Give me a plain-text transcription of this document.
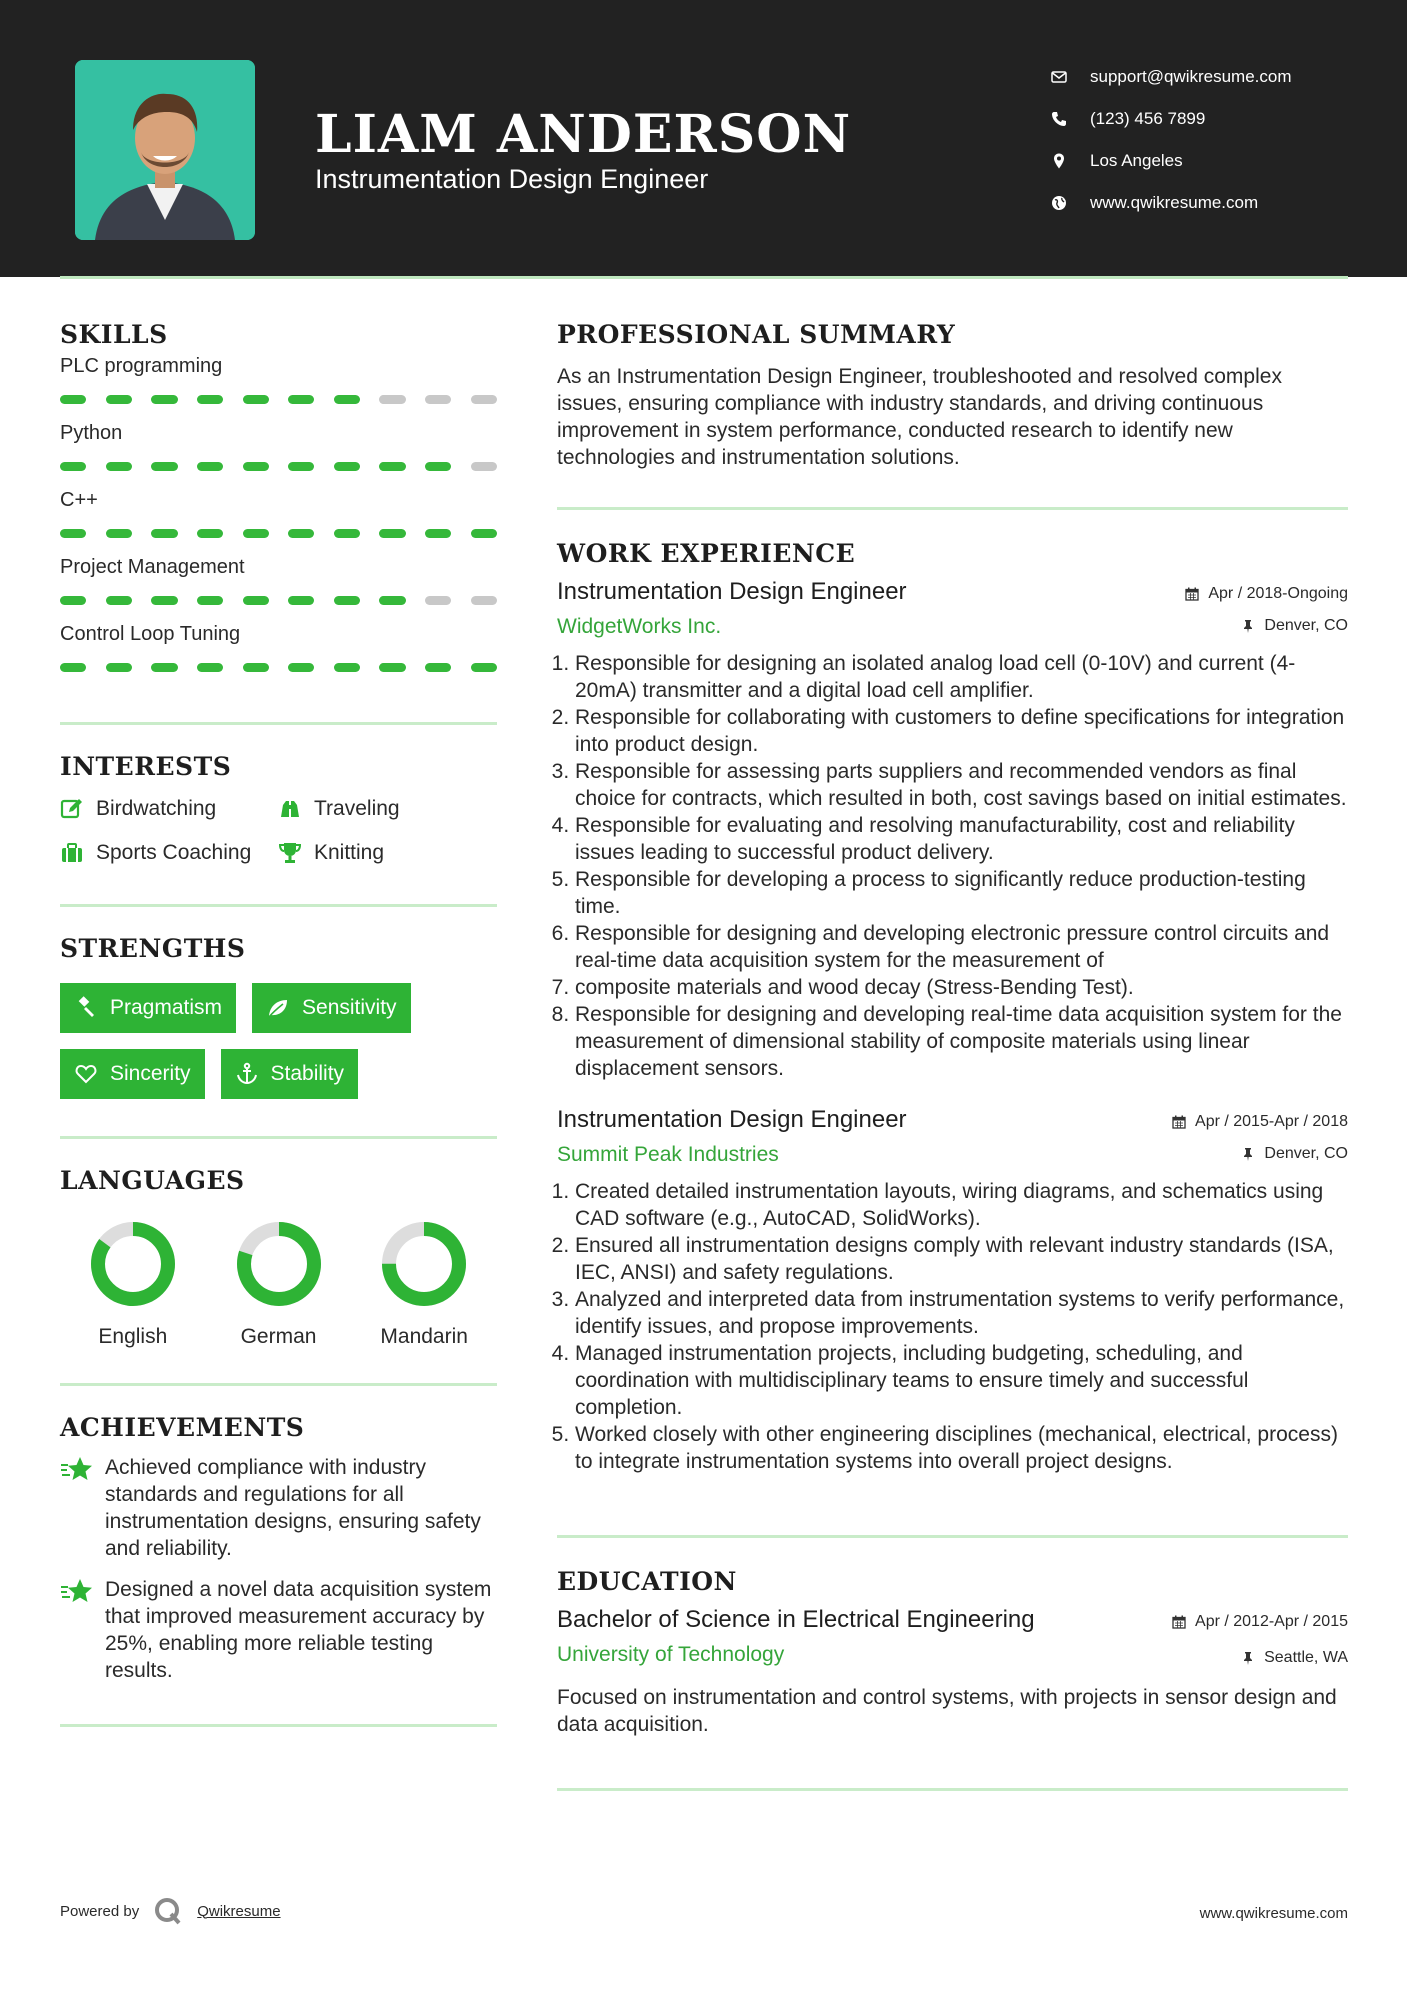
LIAM ANDERSON
Instrumentation Design Engineer
support@qwikresume.com
(123) 456 7899
Los Angeles
www.qwikresume.com
SKILLS
PLC programming
Python
C++
Project Management
Control Loop Tuning
INTERESTS
Birdwatching	Traveling
Sports Coaching	Knitting
STRENGTHS
Pragmatism	Sensitivity
Sincerity	Stability
LANGUAGES
English	German	Mandarin
ACHIEVEMENTS

Achieved compliance with industry standards and regulations for all instrumentation designs, ensuring safety and reliability.

Designed a novel data acquisition system that improved measurement accuracy by 25%, enabling more reliable testing results.

PROFESSIONAL SUMMARY

As an Instrumentation Design Engineer, troubleshooted and resolved complex issues, ensuring compliance with industry standards, and driving continuous improvement in system performance, conducted research to identify new technologies and instrumentation solutions.

WORK EXPERIENCE
Instrumentation Design Engineer
WidgetWorks Inc.
Apr / 2018-Ongoing
Denver, CO
1. Responsible for designing an isolated analog load cell (0-10V) and current (4-20mA) transmitter and a digital load cell amplifier.
2. Responsible for collaborating with customers to define specifications for integration into product design.
3. Responsible for assessing parts suppliers and recommended vendors as final choice for contracts, which resulted in both, cost savings based on initial estimates.
4. Responsible for evaluating and resolving manufacturability, cost and reliability issues leading to successful product delivery.
5. Responsible for developing a process to significantly reduce production-testing time.
6. Responsible for designing and developing electronic pressure control circuits and real-time data acquisition system for the measurement of
7. composite materials and wood decay (Stress-Bending Test).
8. Responsible for designing and developing real-time data acquisition system for the measurement of dimensional stability of composite materials using linear displacement sensors.
Instrumentation Design Engineer
Summit Peak Industries
Apr / 2015-Apr / 2018
Denver, CO
1. Created detailed instrumentation layouts, wiring diagrams, and schematics using CAD software (e.g., AutoCAD, SolidWorks).
2. Ensured all instrumentation designs comply with relevant industry standards (ISA, IEC, ANSI) and safety regulations.
3. Analyzed and interpreted data from instrumentation systems to verify performance, identify issues, and propose improvements.
4. Managed instrumentation projects, including budgeting, scheduling, and coordination with multidisciplinary teams to ensure timely and successful completion.
5. Worked closely with other engineering disciplines (mechanical, electrical, process) to integrate instrumentation systems into overall project designs.
EDUCATION
Bachelor of Science in Electrical Engineering
University of Technology
Apr / 2012-Apr / 2015
Seattle, WA

Focused on instrumentation and control systems, with projects in sensor design and data acquisition.

Powered by	Qwikresume	www.qwikresume.com
